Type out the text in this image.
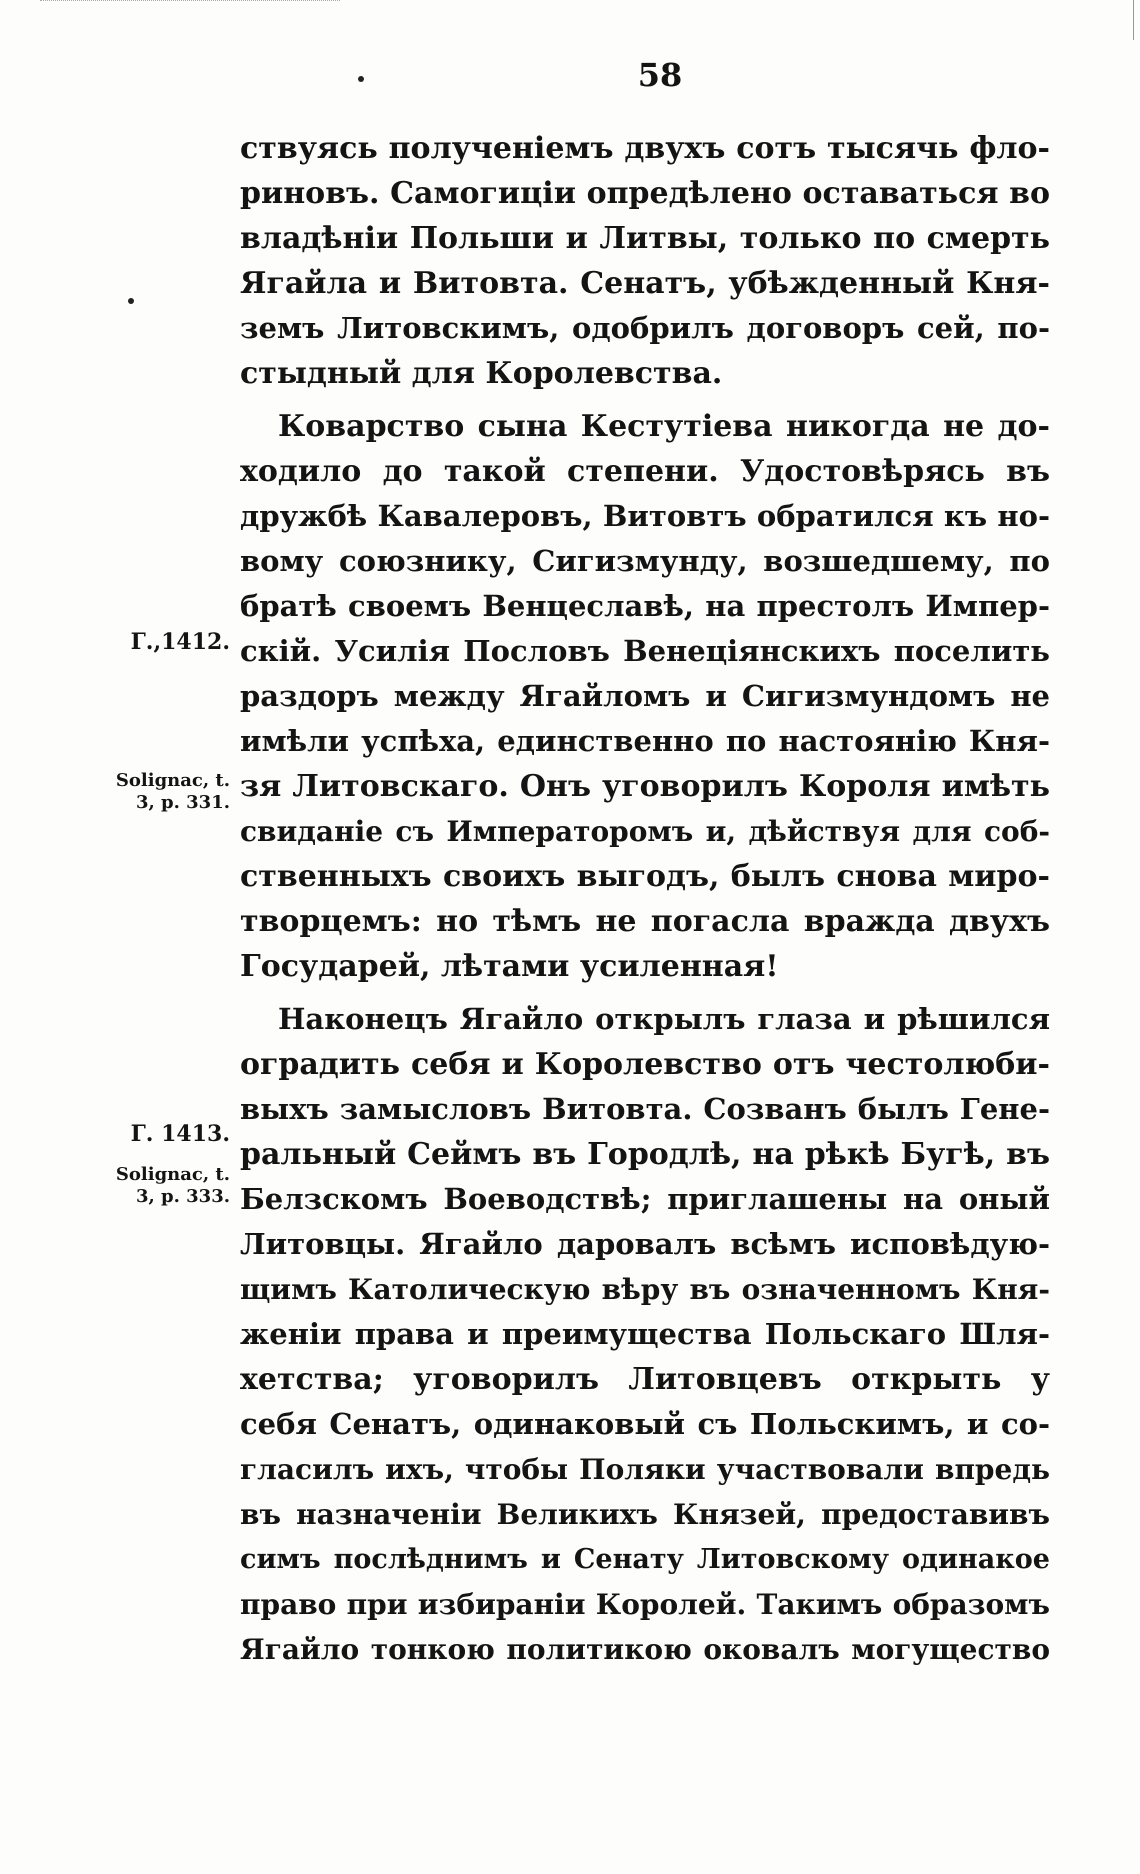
58
Г.,1412.
Solignac, t.
3, p. 331.
Г. 1413.
Solignac, t.
3, p. 333.
ствуясь полученіемъ двухъ сотъ тысячь фло-
риновъ. Самогиціи опредѣлено оставаться во
владѣніи Польши и Литвы, только по смерть
Ягайла и Витовта. Сенатъ, убѣжденный Кня-
земъ Литовскимъ, одобрилъ договоръ сей, по-
стыдный для Королевства.
Коварство сына Кестутіева никогда не до-
ходило до такой степени. Удостовѣрясь въ
дружбѣ Кавалеровъ, Витовтъ обратился къ но-
вому союзнику, Сигизмунду, возшедшему, по
братѣ своемъ Венцеславѣ, на престолъ Импер-
скій. Усилія Пословъ Венеціянскихъ поселить
раздоръ между Ягайломъ и Сигизмундомъ не
имѣли успѣха, единственно по настоянію Кня-
зя Литовскаго. Онъ уговорилъ Короля имѣть
свиданіе съ Императоромъ и, дѣйствуя для соб-
ственныхъ своихъ выгодъ, былъ снова миро-
творцемъ: но тѣмъ не погасла вражда двухъ
Государей, лѣтами усиленная!
Наконецъ Ягайло открылъ глаза и рѣшился
оградить себя и Королевство отъ честолюби-
выхъ замысловъ Витовта. Созванъ былъ Гене-
ральный Сеймъ въ Городлѣ, на рѣкѣ Бугѣ, въ
Белзскомъ Воеводствѣ; приглашены на оный
Литовцы. Ягайло даровалъ всѣмъ исповѣдую-
щимъ Католическую вѣру въ означенномъ Кня-
женіи права и преимущества Польскаго Шля-
хетства; уговорилъ Литовцевъ открыть у
себя Сенатъ, одинаковый съ Польскимъ, и со-
гласилъ ихъ, чтобы Поляки участвовали впредь
въ назначеніи Великихъ Князей, предоставивъ
симъ послѣднимъ и Сенату Литовскому одинакое
право при избираніи Королей. Такимъ образомъ
Ягайло тонкою политикою оковалъ могущество
